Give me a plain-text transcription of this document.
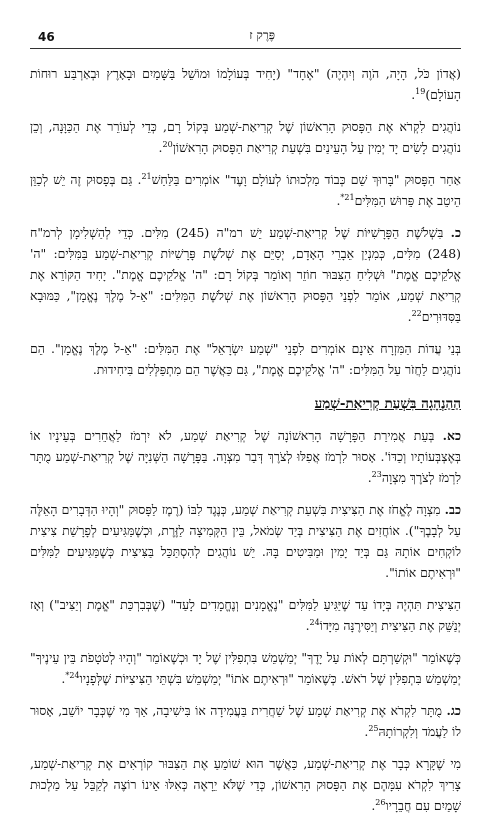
46	פֶּרֶק ז

(אֲדוֹן כֹּל, הָיָה, הֹוֶה וְיִהְיֶה) "אֶחָד" (יָחִיד בְּעוֹלָמוֹ וּמוֹשֵׁל בַּשָּׁמַיִם וּבָאָרֶץ וּבְאַרְבַּע רוּחוֹת הָעוֹלָם)$^{19}$.

נוֹהֲגִים לִקְרֹא אֶת הַפָּסוּק הָרִאשׁוֹן שֶׁל קְרִיאַת-שְׁמַע בְּקוֹל רָם, כְּדֵי לְעוֹרֵר אֶת הַכַּוָּנָה, וְכֵן נוֹהֲגִים לָשִׂים יָד יְמִין עַל הָעֵינַיִם בִּשְׁעַת קְרִיאַת הַפָּסוּק הָרִאשׁוֹן$^{20}$.

אַחַר הַפָּסוּק "בָּרוּךְ שֵׁם כְּבוֹד מַלְכוּתוֹ לְעוֹלָם וָעֶד" אוֹמְרִים בַּלַּחַשׁ$^{21}$. גַּם בְּפָסוּק זֶה יֵשׁ לְכַוֵּן הֵיטֵב אֶת פֵּרוּשׁ הַמִּלִּים$^{21*}$.

כ. בִּשְׁלֹשֶׁת הַפָּרָשִׁיּוֹת שֶׁל קְרִיאַת-שְׁמַע יֵשׁ רמ"ה (245) מִלִּים. כְּדֵי לְהַשְׁלִימָן לְרמ"ח (248) מִלִּים, כְּמִנְיַן אֵבָרֵי הָאָדָם, יְסַיֵּם אֶת שְׁלֹשֶׁת פָּרָשִׁיּוֹת קְרִיאַת-שְׁמַע בַּמִּלִּים: "ה' אֱלֹקֵיכֶם אֱמֶת" וּשְׁלִיחַ הַצִּבּוּר חוֹזֵר וְאוֹמֵר בְּקוֹל רָם: "ה' אֱלֹקֵיכֶם אֱמֶת". יָחִיד הַקּוֹרֵא אֶת קְרִיאַת שְׁמַע, אוֹמֵר לִפְנֵי הַפָּסוּק הָרִאשׁוֹן אֶת שְׁלֹשֶׁת הַמִּלִּים: "אֵ-ל מֶלֶךְ נֶאֱמָן", כַּמּוּבָא בַּסִּדּוּרִים$^{22}$.

בְּנֵי עֲדוֹת הַמִּזְרָח אֵינָם אוֹמְרִים לִפְנֵי "שְׁמַע יִשְׂרָאֵל" אֶת הַמִּלִּים: "אֵ-ל מֶלֶךְ נֶאֱמָן". הֵם נוֹהֲגִים לַחֲזֹר עַל הַמִּלִּים: "ה' אֱלֹקֵיכֶם אֱמֶת", גַּם כַּאֲשֶׁר הֵם מִתְפַּלְּלִים בִּיחִידוּת.

הַהַנְהָגָה בִּשְׁעַת קְרִיאַת-שְׁמַע

כא. בְּעֵת אֲמִירַת הַפָּרָשָׁה הָרִאשׁוֹנָה שֶׁל קְרִיאַת שְׁמַע, לֹא יִרְמֹז לַאֲחֵרִים בְּעֵינָיו אוֹ בְּאֶצְבְּעוֹתָיו וְכַדּוֹ'. אָסוּר לִרְמֹז אֲפִלּוּ לְצֹרֶךְ דְּבַר מִצְוָה. בַּפָּרָשָׁה הַשְּׁנִיָּה שֶׁל קְרִיאַת-שְׁמַע מֻתָּר לִרְמֹז לְצֹרֶךְ מִצְוָה$^{23}$.

כב. מִצְוָה לֶאֱחֹז אֶת הַצִּיצִית בִּשְׁעַת קְרִיאַת שְׁמַע, כְּנֶגֶד לִבּוֹ (רֶמֶז לַפָּסוּק "וְהָיוּ הַדְּבָרִים הָאֵלֶּה עַל לְבָבֶךָ"). אוֹחֲזִים אֶת הַצִּיצִית בְּיַד שְׂמֹאל, בֵּין הַקְּמִיצָה לַזֶּרֶת, וּכְשֶׁמַּגִּיעִים לְפָרָשַׁת צִיצִית לוֹקְחִים אוֹתָהּ גַּם בְּיַד יָמִין וּמַבִּיטִים בָּהּ. יֵשׁ נוֹהֲגִים לְהִסְתַּכֵּל בַּצִּיצִית כְּשֶׁמַּגִּיעִים לַמִּלִּים "וּרְאִיתֶם אוֹתוֹ".

הַצִּיצִית תִּהְיֶה בְּיָדוֹ עַד שֶׁיַּגִּיעַ לַמִּלִּים "נֶאֱמָנִים וְנֶחֱמָדִים לָעַד" (שֶׁבְּבִרְכַּת "אֱמֶת וְיַצִּיב") וְאָז יְנַשֵּׁק אֶת הַצִּיצִית וְיַסִּירֶנָּה מִיָּדוֹ$^{24}$.

כְּשֶׁאוֹמֵר "וּקְשַׁרְתָּם לְאוֹת עַל יָדֶךָ" יְמַשְׁמֵשׁ בִּתְפִלִּין שֶׁל יָד וּכְשֶׁאוֹמֵר "וְהָיוּ לְטֹטָפֹת בֵּין עֵינֶיךָ" יְמַשְׁמֵשׁ בִּתְפִלִּין שֶׁל רֹאשׁ. כְּשֶׁאוֹמֵר "וּרְאִיתֶם אֹתוֹ" יְמַשְׁמֵשׁ בִּשְׁתֵּי הַצִּיצִיּוֹת שֶׁלְּפָנָיו$^{24*}$.

כג. מֻתָּר לִקְרֹא אֶת קְרִיאַת שְׁמַע שֶׁל שַׁחֲרִית בַּעֲמִידָה אוֹ בִּישִׁיבָה, אַךְ מִי שֶׁכְּבָר יוֹשֵׁב, אָסוּר לוֹ לַעֲמֹד וְלִקְרוֹתָהּ$^{25}$.

מִי שֶׁקָּרָא כְּבָר אֶת קְרִיאַת-שְׁמַע, כַּאֲשֶׁר הוּא שׁוֹמֵעַ אֶת הַצִּבּוּר קוֹרְאִים אֶת קְרִיאַת-שְׁמַע, צָרִיךְ לִקְרֹא עִמָּהֶם אֶת הַפָּסוּק הָרִאשׁוֹן, כְּדֵי שֶׁלֹּא יֵרָאֶה כְּאִלּוּ אֵינוֹ רוֹצֶה לְקַבֵּל עַל מַלְכוּת שָׁמַיִם עִם חֲבֵרָיו$^{26}$.
